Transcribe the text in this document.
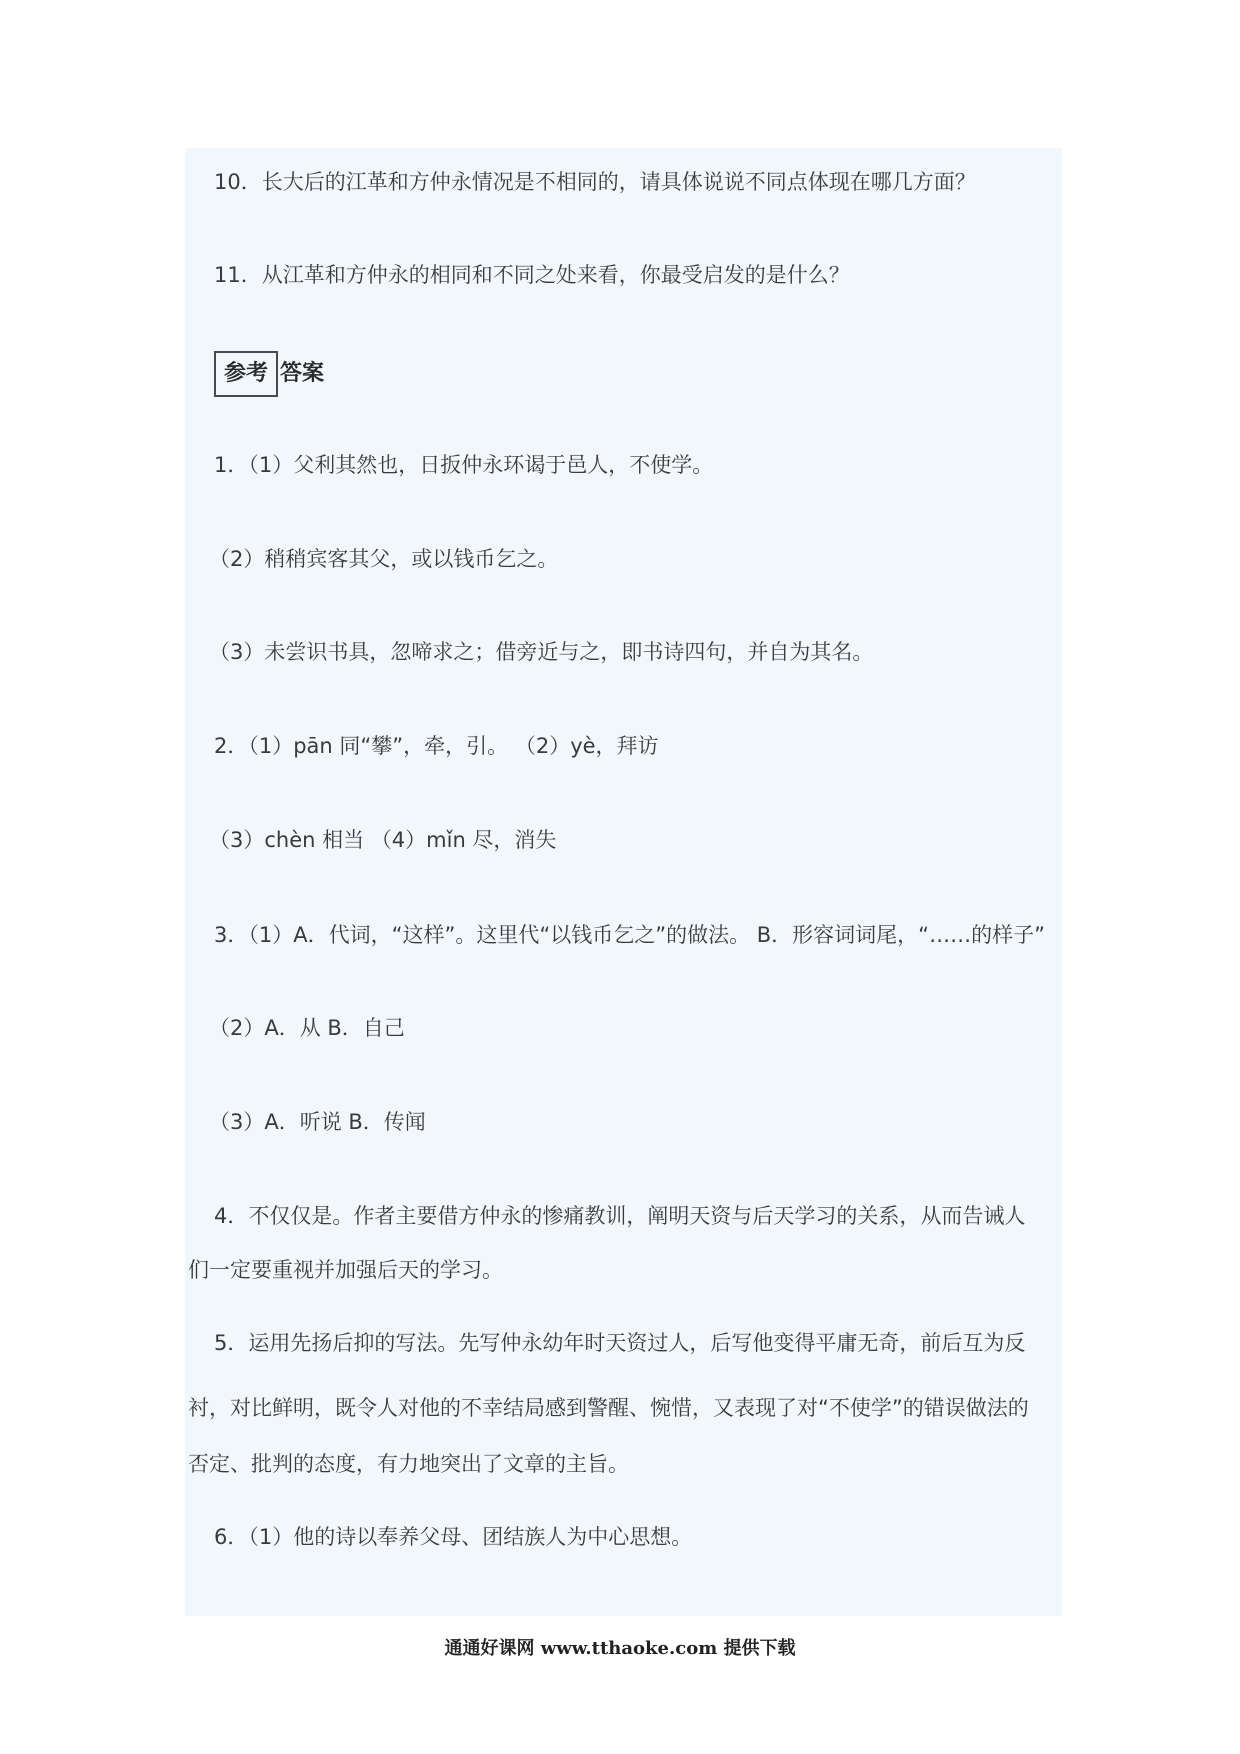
10．长大后的江革和方仲永情况是不相同的，请具体说说不同点体现在哪几方面？
11．从江革和方仲永的相同和不同之处来看，你最受启发的是什么？
参考 答案
1．（1）父利其然也，日扳仲永环谒于邑人，不使学。
（2）稍稍宾客其父，或以钱币乞之。
（3）未尝识书具，忽啼求之；借旁近与之，即书诗四句，并自为其名。
2．（1）pān 同“攀”，牵，引。 （2）yè，拜访
（3）chèn 相当 （4）mǐn 尽，消失
3．（1）A．代词，“这样”。这里代“以钱币乞之”的做法。 B．形容词词尾，“……的样子”
（2）A．从 B．自己
（3）A．听说 B．传闻
4．不仅仅是。作者主要借方仲永的惨痛教训，阐明天资与后天学习的关系，从而告诫人
们一定要重视并加强后天的学习。
5．运用先扬后抑的写法。先写仲永幼年时天资过人，后写他变得平庸无奇，前后互为反
衬，对比鲜明，既令人对他的不幸结局感到警醒、惋惜，又表现了对“不使学”的错误做法的
否定、批判的态度，有力地突出了文章的主旨。
6．（1）他的诗以奉养父母、团结族人为中心思想。
通通好课网 www.tthaoke.com 提供下载
